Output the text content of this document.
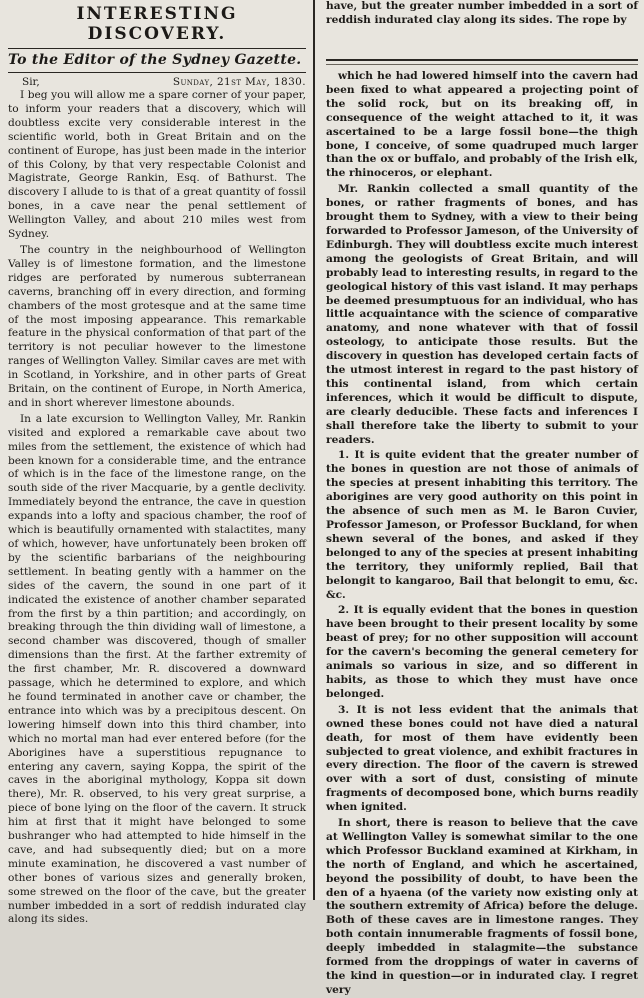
INTERESTING DISCOVERY.
To the Editor of the Sydney Gazette.
Sir,	Sunday, 21st May, 1830.

I beg you will allow me a spare corner of your paper, to inform your readers that a discovery, which will doubtless excite very considerable interest in the scientific world, both in Great Britain and on the continent of Europe, has just been made in the interior of this Colony, by that very respectable Colonist and Magistrate, George Rankin, Esq. of Bathurst. The discovery I allude to is that of a great quantity of fossil bones, in a cave near the penal settlement of Wellington Valley, and about 210 miles west from Sydney.

The country in the neighbourhood of Wellington Valley is of limestone formation, and the limestone ridges are perforated by numerous subterranean caverns, branching off in every direction, and forming chambers of the most grotesque and at the same time of the most imposing appearance. This remarkable feature in the physical conformation of that part of the territory is not peculiar however to the limestone ranges of Wellington Valley. Similar caves are met with in Scotland, in Yorkshire, and in other parts of Great Britain, on the continent of Europe, in North America, and in short wherever limestone abounds.

In a late excursion to Wellington Valley, Mr. Rankin visited and explored a remarkable cave about two miles from the settlement, the existence of which had been known for a considerable time, and the entrance of which is in the face of the limestone range, on the south side of the river Macquarie, by a gentle declivity. Immediately beyond the entrance, the cave in question expands into a lofty and spacious chamber, the roof of which is beautifully ornamented with stalactites, many of which, however, have unfortunately been broken off by the scientific barbarians of the neighbouring settlement. In beating gently with a hammer on the sides of the cavern, the sound in one part of it indicated the existence of another chamber separated from the first by a thin partition; and accordingly, on breaking through the thin dividing wall of limestone, a second chamber was discovered, though of smaller dimensions than the first. At the farther extremity of the first chamber, Mr. R. discovered a downward passage, which he determined to explore, and which he found terminated in another cave or chamber, the entrance into which was by a precipitous descent. On lowering himself down into this third chamber, into which no mortal man had ever entered before (for the Aborigines have a superstitious repugnance to entering any cavern, saying Koppa, the spirit of the caves in the aboriginal mythology, Koppa sit down there), Mr. R. observed, to his very great surprise, a piece of bone lying on the floor of the cavern. It struck him at first that it might have belonged to some bushranger who had attempted to hide himself in the cave, and had subsequently died; but on a more minute examination, he discovered a vast number of other bones of various sizes and generally broken, some strewed on the floor of the cave, but the greater number imbedded in a sort of reddish indurated clay along its sides.

have, but the greater number imbedded in a sort of reddish indurated clay along its sides. The rope by

which he had lowered himself into the cavern had been fixed to what appeared a projecting point of the solid rock, but on its breaking off, in consequence of the weight attached to it, it was ascertained to be a large fossil bone—the thigh bone, I conceive, of some quadruped much larger than the ox or buffalo, and probably of the Irish elk, the rhinoceros, or elephant.

Mr. Rankin collected a small quantity of the bones, or rather fragments of bones, and has brought them to Sydney, with a view to their being forwarded to Professor Jameson, of the University of Edinburgh. They will doubtless excite much interest among the geologists of Great Britain, and will probably lead to interesting results, in regard to the geological history of this vast island. It may perhaps be deemed presumptuous for an individual, who has little acquaintance with the science of comparative anatomy, and none whatever with that of fossil osteology, to anticipate those results. But the discovery in question has developed certain facts of the utmost interest in regard to the past history of this continental island, from which certain inferences, which it would be difficult to dispute, are clearly deducible. These facts and inferences I shall therefore take the liberty to submit to your readers.

1. It is quite evident that the greater number of the bones in question are not those of animals of the species at present inhabiting this territory. The aborigines are very good authority on this point in the absence of such men as M. le Baron Cuvier, Professor Jameson, or Professor Buckland, for when shewn several of the bones, and asked if they belonged to any of the species at present inhabiting the territory, they uniformly replied, Bail that belongit to kangaroo, Bail that belongit to emu, &c. &c.

2. It is equally evident that the bones in question have been brought to their present locality by some beast of prey; for no other supposition will account for the cavern's becoming the general cemetery for animals so various in size, and so different in habits, as those to which they must have once belonged.

3. It is not less evident that the animals that owned these bones could not have died a natural death, for most of them have evidently been subjected to great violence, and exhibit fractures in every direction. The floor of the cavern is strewed over with a sort of dust, consisting of minute fragments of decomposed bone, which burns readily when ignited.

In short, there is reason to believe that the cave at Wellington Valley is somewhat similar to the one which Professor Buckland examined at Kirkham, in the north of England, and which he ascertained, beyond the possibility of doubt, to have been the den of a hyaena (of the variety now existing only at the southern extremity of Africa) before the deluge. Both of these caves are in limestone ranges. They both contain innumerable fragments of fossil bone, deeply imbedded in stalagmite—the substance formed from the droppings of water in caverns of the kind in question—or in indurated clay. I regret very
